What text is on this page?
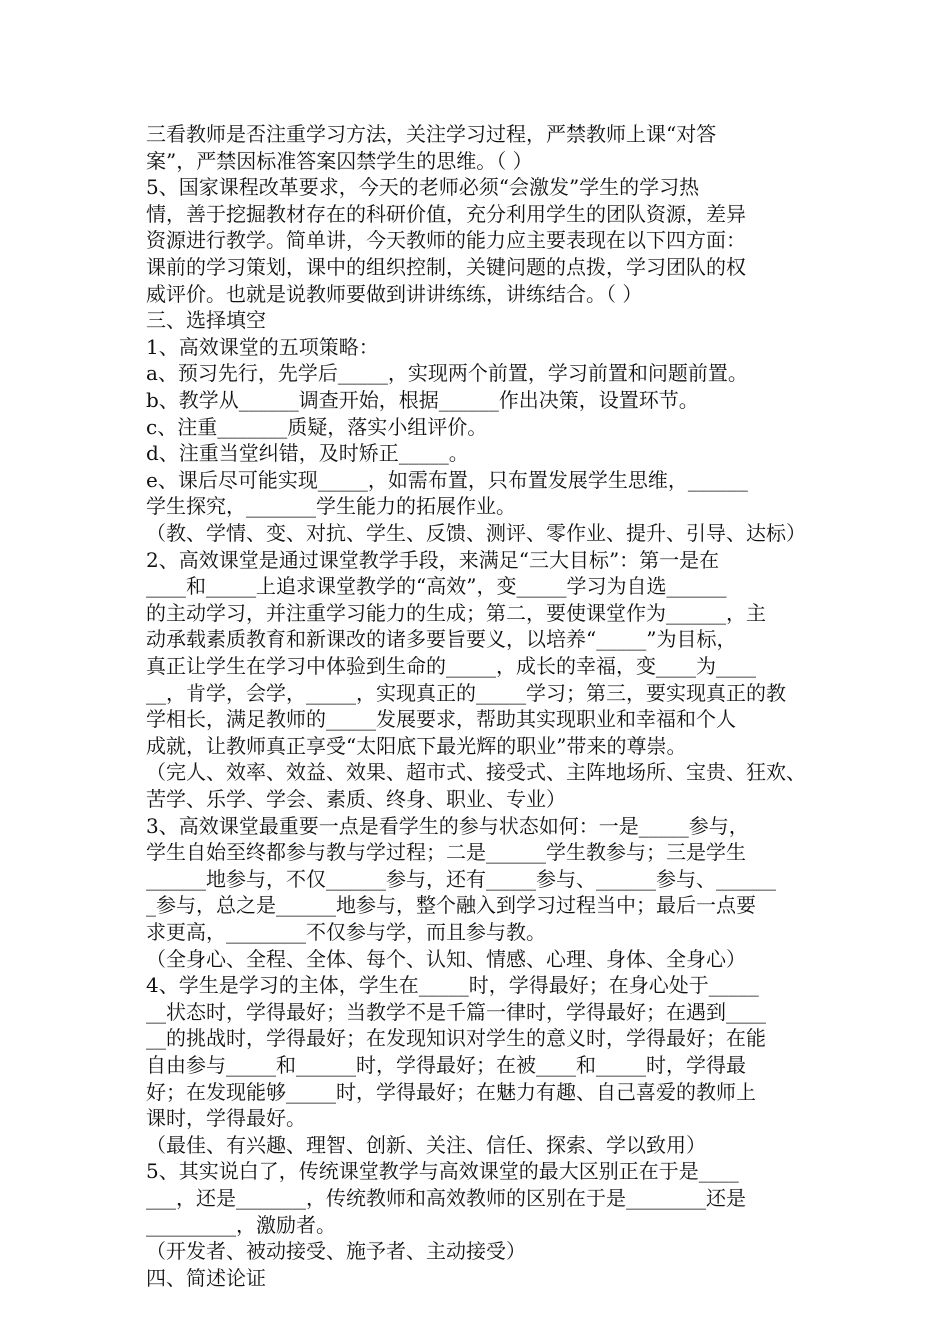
三看教师是否注重学习方法，关注学习过程，严禁教师上课“对答
案”，严禁因标准答案囚禁学生的思维。（ ）
5、国家课程改革要求，今天的老师必须“会激发”学生的学习热
情，善于挖掘教材存在的科研价值，充分利用学生的团队资源，差异
资源进行教学。简单讲，今天教师的能力应主要表现在以下四方面：
课前的学习策划，课中的组织控制，关键问题的点拨，学习团队的权
威评价。也就是说教师要做到讲讲练练，讲练结合。（ ）
三、选择填空
1、高效课堂的五项策略：
a、预习先行，先学后_____，实现两个前置，学习前置和问题前置。
b、教学从______调查开始，根据______作出决策，设置环节。
c、注重_______质疑，落实小组评价。
d、注重当堂纠错，及时矫正_____。
e、课后尽可能实现_____，如需布置，只布置发展学生思维，______
学生探究，_______学生能力的拓展作业。
（教、学情、变、对抗、学生、反馈、测评、零作业、提升、引导、达标）
2、高效课堂是通过课堂教学手段，来满足“三大目标”：第一是在
____和_____上追求课堂教学的“高效”，变_____学习为自选______
的主动学习，并注重学习能力的生成；第二，要使课堂作为______，主
动承载素质教育和新课改的诸多要旨要义，以培养“_____”为目标，
真正让学生在学习中体验到生命的_____，成长的幸福，变____为____
__，肯学，会学，_____，实现真正的_____学习；第三，要实现真正的教
学相长，满足教师的_____发展要求，帮助其实现职业和幸福和个人
成就，让教师真正享受“太阳底下最光辉的职业”带来的尊崇。
（完人、效率、效益、效果、超市式、接受式、主阵地场所、宝贵、狂欢、
苦学、乐学、学会、素质、终身、职业、专业）
3、高效课堂最重要一点是看学生的参与状态如何：一是_____参与，
学生自始至终都参与教与学过程；二是______学生教参与；三是学生
______地参与，不仅______参与，还有_____参与、______参与、______
_参与，总之是______地参与，整个融入到学习过程当中；最后一点要
求更高，________不仅参与学，而且参与教。
（全身心、全程、全体、每个、认知、情感、心理、身体、全身心）
4、学生是学习的主体，学生在_____时，学得最好；在身心处于_____
__状态时，学得最好；当教学不是千篇一律时，学得最好；在遇到____
__的挑战时，学得最好；在发现知识对学生的意义时，学得最好；在能
自由参与_____和______时，学得最好；在被____和_____时，学得最
好；在发现能够_____时，学得最好；在魅力有趣、自己喜爱的教师上
课时，学得最好。
（最佳、有兴趣、理智、创新、关注、信任、探索、学以致用）
5、其实说白了，传统课堂教学与高效课堂的最大区别正在于是____
___，还是_______，传统教师和高效教师的区别在于是________还是
_________，激励者。
（开发者、被动接受、施予者、主动接受）
四、简述论证
